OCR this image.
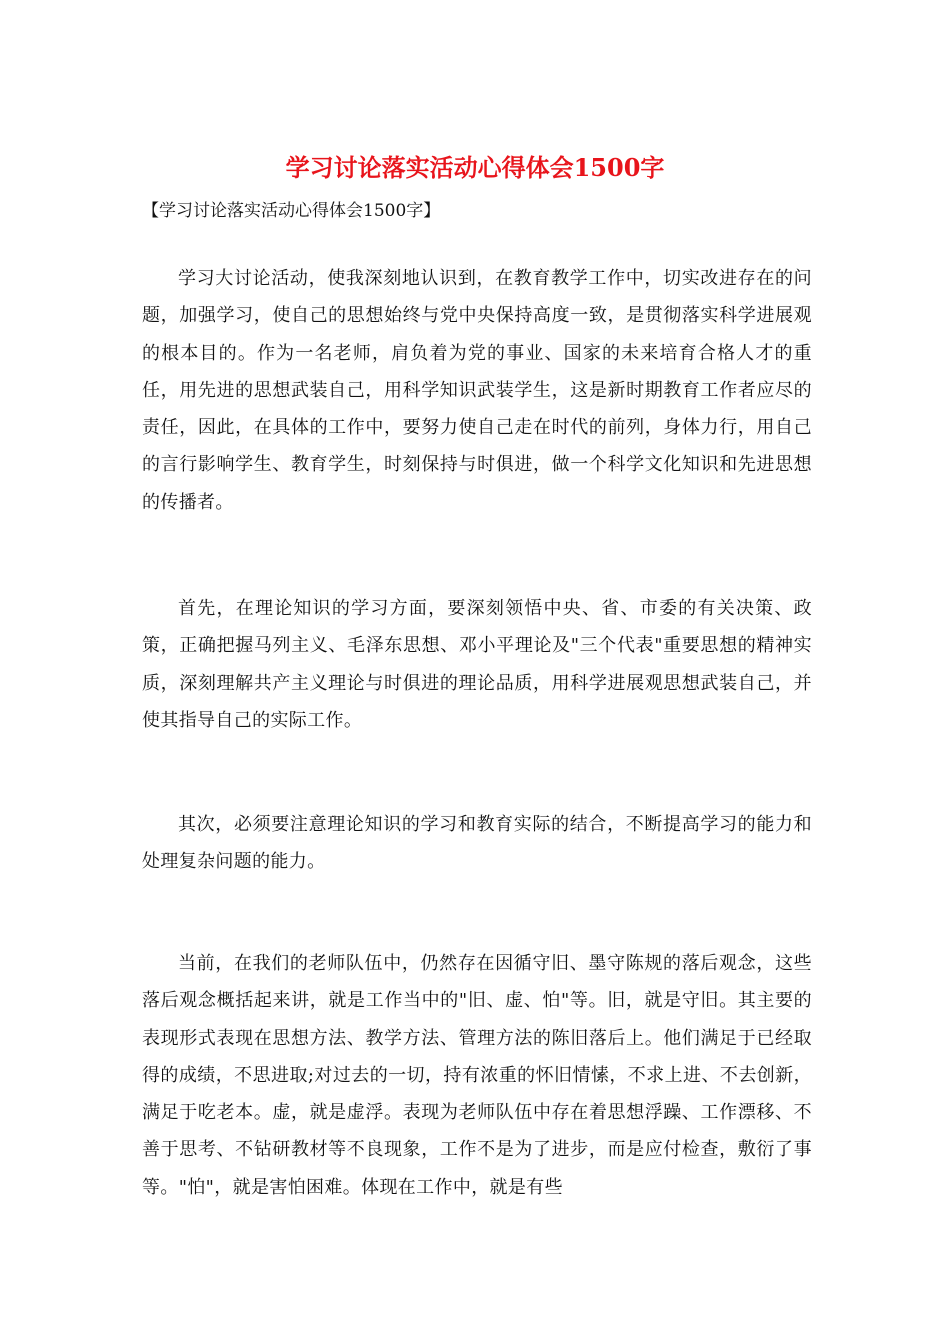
学习讨论落实活动心得体会1500字
【学习讨论落实活动心得体会1500字】

学习大讨论活动，使我深刻地认识到，在教育教学工作中，切实改进存在的问题，加强学习，使自己的思想始终与党中央保持高度一致，是贯彻落实科学进展观的根本目的。作为一名老师，肩负着为党的事业、国家的未来培育合格人才的重任，用先进的思想武装自己，用科学知识武装学生，这是新时期教育工作者应尽的责任，因此，在具体的工作中，要努力使自己走在时代的前列，身体力行，用自己的言行影响学生、教育学生，时刻保持与时俱进，做一个科学文化知识和先进思想的传播者。

首先，在理论知识的学习方面，要深刻领悟中央、省、市委的有关决策、政策，正确把握马列主义、毛泽东思想、邓小平理论及"三个代表"重要思想的精神实质，深刻理解共产主义理论与时俱进的理论品质，用科学进展观思想武装自己，并使其指导自己的实际工作。

其次，必须要注意理论知识的学习和教育实际的结合，不断提高学习的能力和处理复杂问题的能力。

当前，在我们的老师队伍中，仍然存在因循守旧、墨守陈规的落后观念，这些落后观念概括起来讲，就是工作当中的"旧、虚、怕"等。旧，就是守旧。其主要的表现形式表现在思想方法、教学方法、管理方法的陈旧落后上。他们满足于已经取得的成绩，不思进取;对过去的一切，持有浓重的怀旧情愫，不求上进、不去创新，满足于吃老本。虚，就是虚浮。表现为老师队伍中存在着思想浮躁、工作漂移、不善于思考、不钻研教材等不良现象，工作不是为了进步，而是应付检查，敷衍了事等。"怕"，就是害怕困难。体现在工作中，就是有些
